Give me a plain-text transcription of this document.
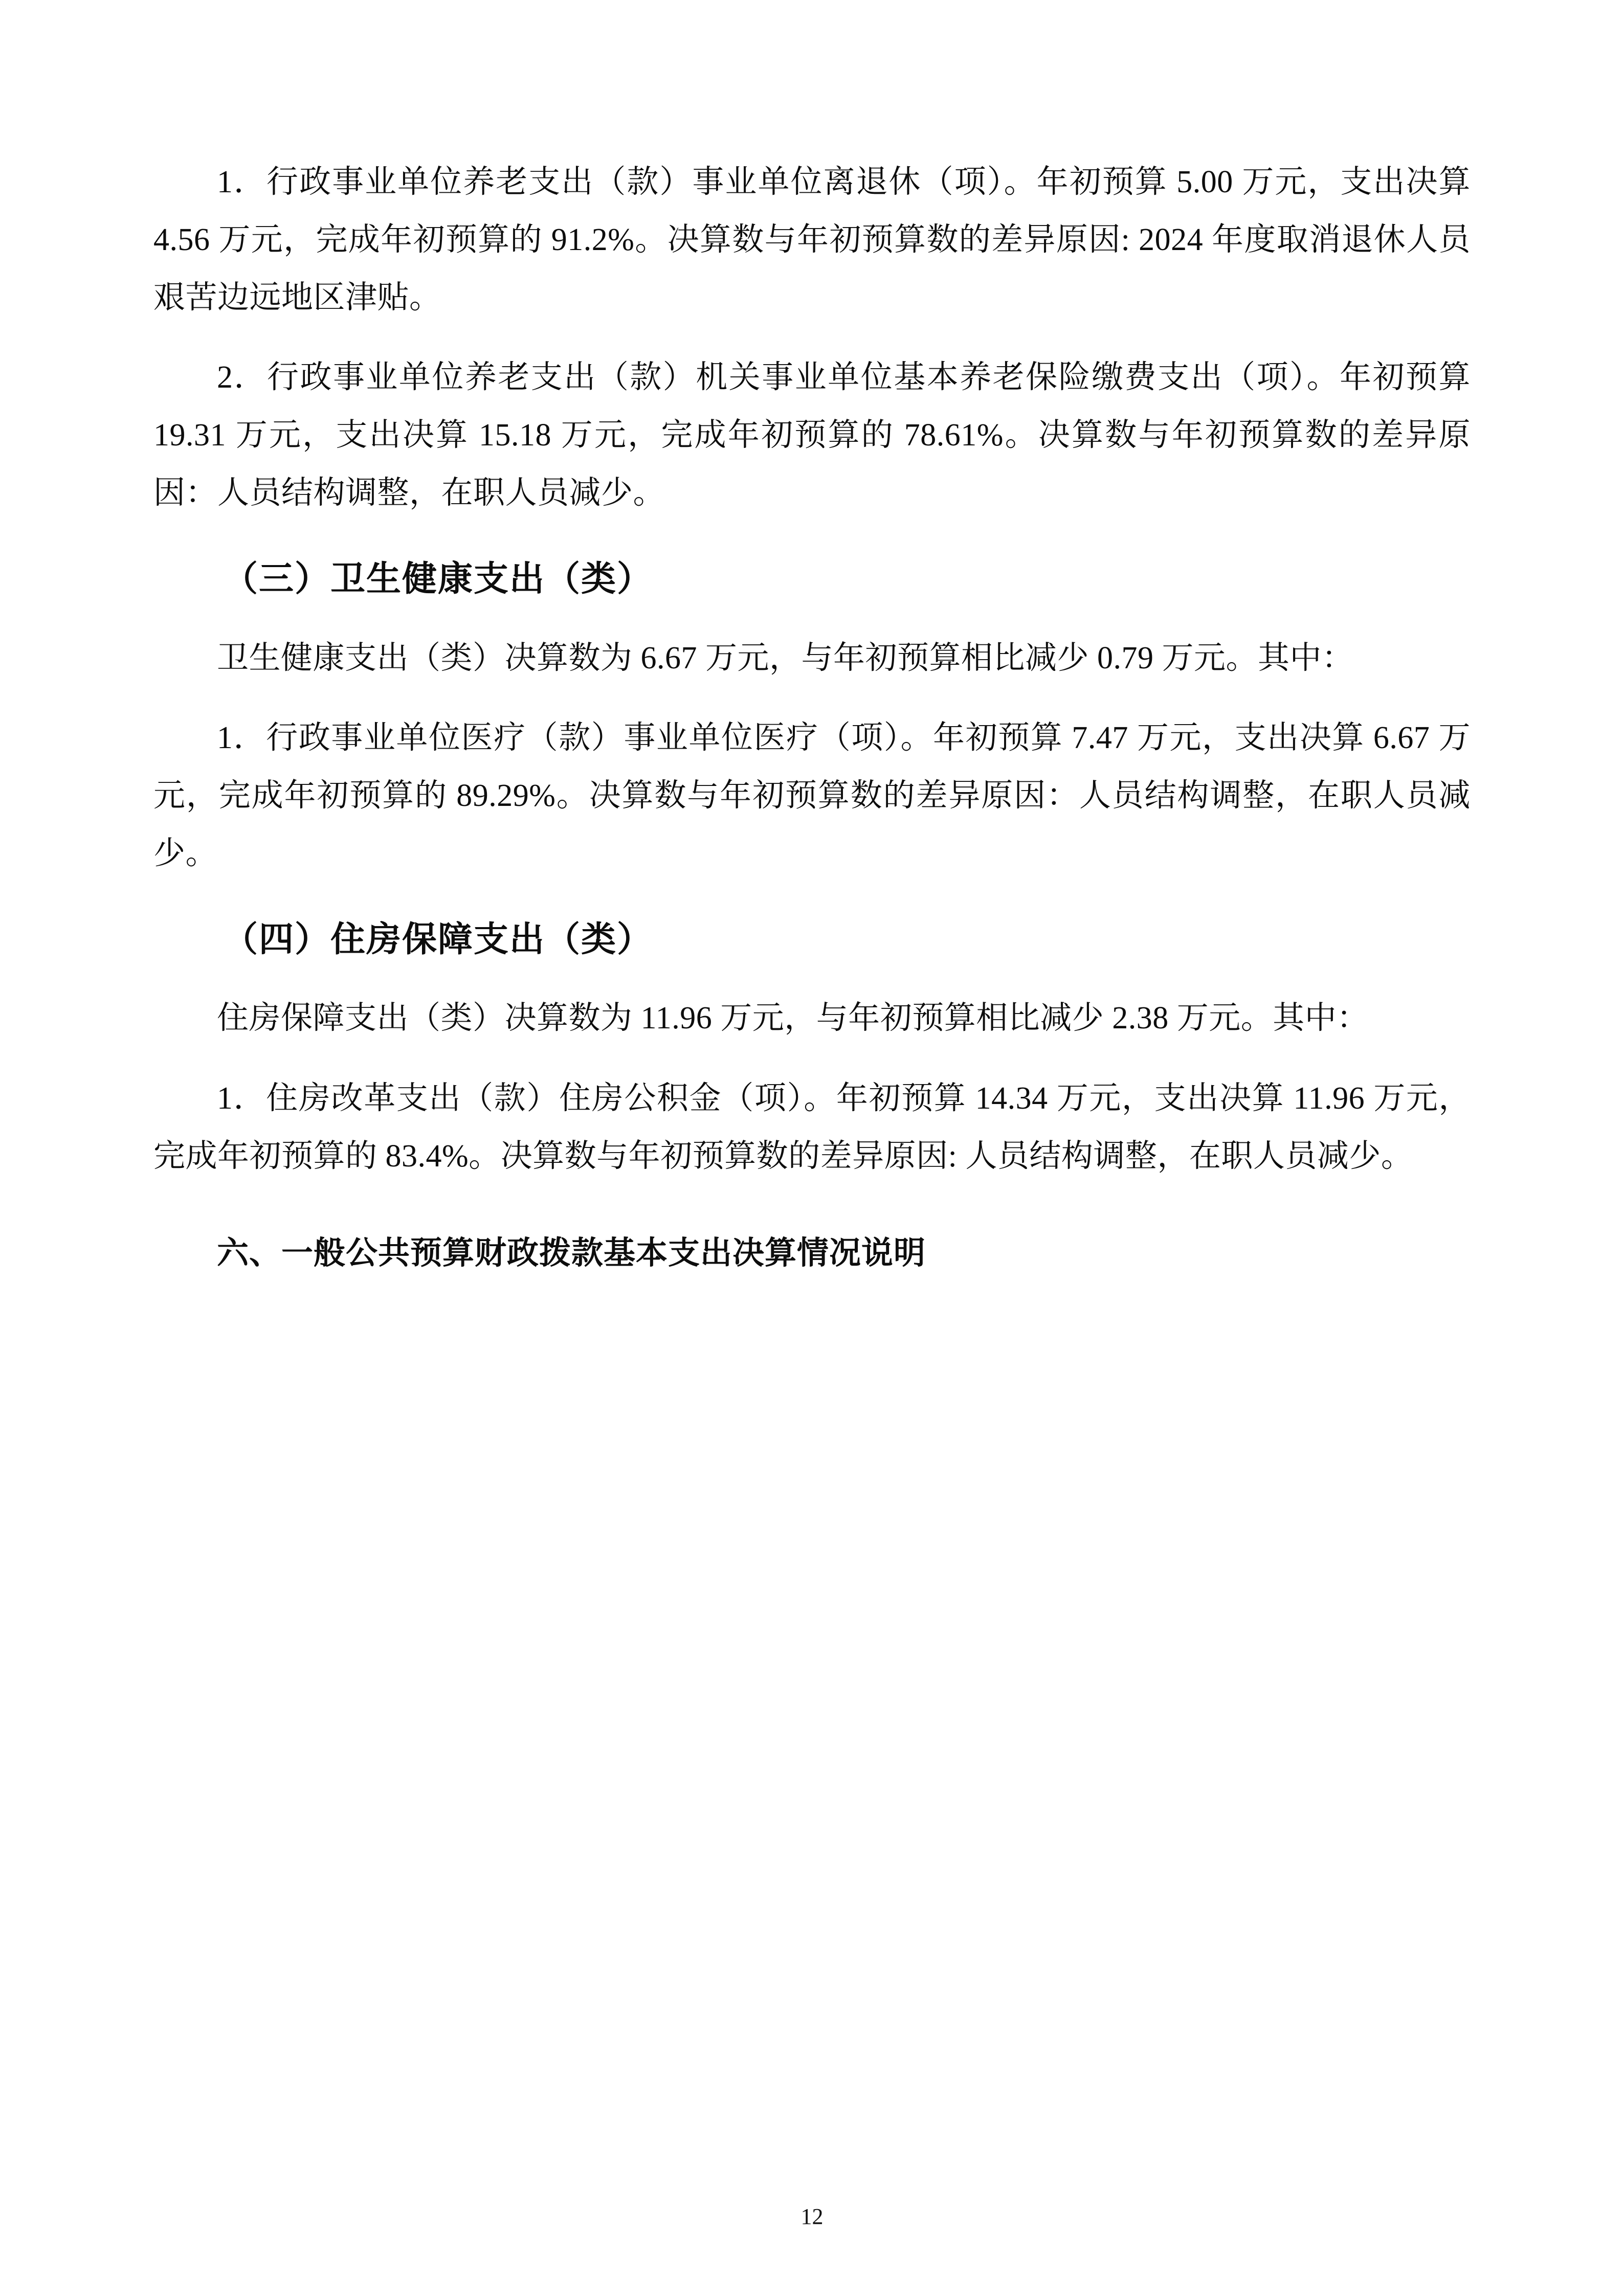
1．行政事业单位养老支出（款）事业单位离退休（项）。年初预算 5.00 万元，支出决算 4.56 万元，完成年初预算的 91.2%。决算数与年初预算数的差异原因: 2024 年度取消退休人员艰苦边远地区津贴。

2．行政事业单位养老支出（款）机关事业单位基本养老保险缴费支出（项）。年初预算 19.31 万元，支出决算 15.18 万元，完成年初预算的 78.61%。决算数与年初预算数的差异原因：人员结构调整，在职人员减少。

（三）卫生健康支出（类）

卫生健康支出（类）决算数为 6.67 万元，与年初预算相比减少 0.79 万元。其中：

1．行政事业单位医疗（款）事业单位医疗（项）。年初预算 7.47 万元，支出决算 6.67 万元，完成年初预算的 89.29%。决算数与年初预算数的差异原因：人员结构调整，在职人员减少。

（四）住房保障支出（类）

住房保障支出（类）决算数为 11.96 万元，与年初预算相比减少 2.38 万元。其中：

1．住房改革支出（款）住房公积金（项）。年初预算 14.34 万元，支出决算 11.96 万元，完成年初预算的 83.4%。决算数与年初预算数的差异原因: 人员结构调整，在职人员减少。

六、一般公共预算财政拨款基本支出决算情况说明
12
